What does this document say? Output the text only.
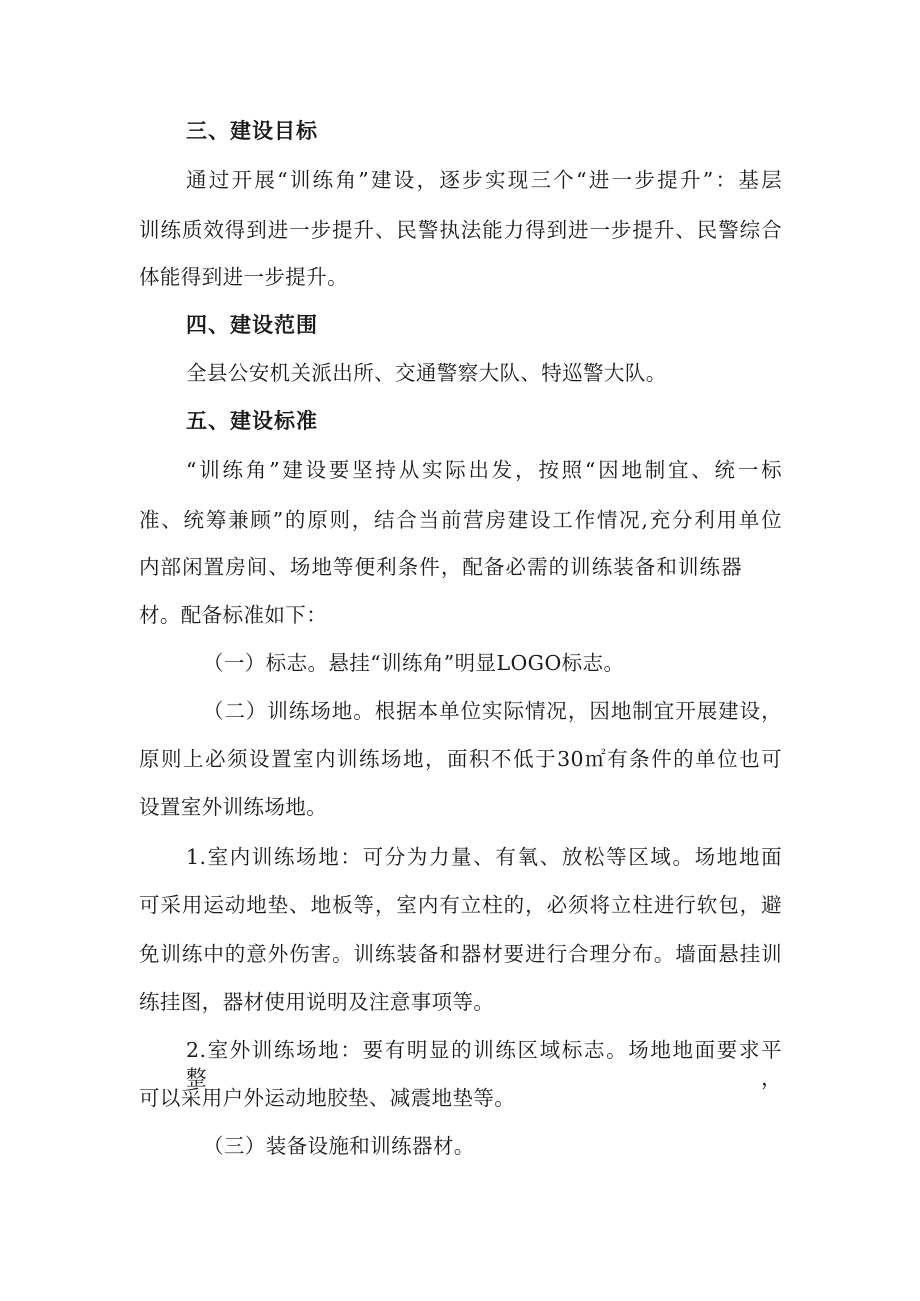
三、建设目标

通过开展“训练角”建设，逐步实现三个“进一步提升”：基层

训练质效得到进一步提升、民警执法能力得到进一步提升、民警综合

体能得到进一步提升。

四、建设范围

全县公安机关派出所、交通警察大队、特巡警大队。

五、建设标准

“训练角”建设要坚持从实际出发，按照“因地制宜、统一标

准、统筹兼顾”的原则，结合当前营房建设工作情况,充分利用单位

内部闲置房间、场地等便利条件，配备必需的训练装备和训练器

材。配备标准如下：

（一）标志。悬挂“训练角”明显LOGO标志。

（二）训练场地。根据本单位实际情况，因地制宜开展建设，

原则上必须设置室内训练场地，面积不低于30㎡有条件的单位也可

设置室外训练场地。

1.室内训练场地：可分为力量、有氧、放松等区域。场地地面

可采用运动地垫、地板等，室内有立柱的，必须将立柱进行软包，避

免训练中的意外伤害。训练装备和器材要进行合理分布。墙面悬挂训

练挂图，器材使用说明及注意事项等。

2.室外训练场地：要有明显的训练区域标志。场地地面要求平整，

可以采用户外运动地胶垫、减震地垫等。

（三）装备设施和训练器材。
